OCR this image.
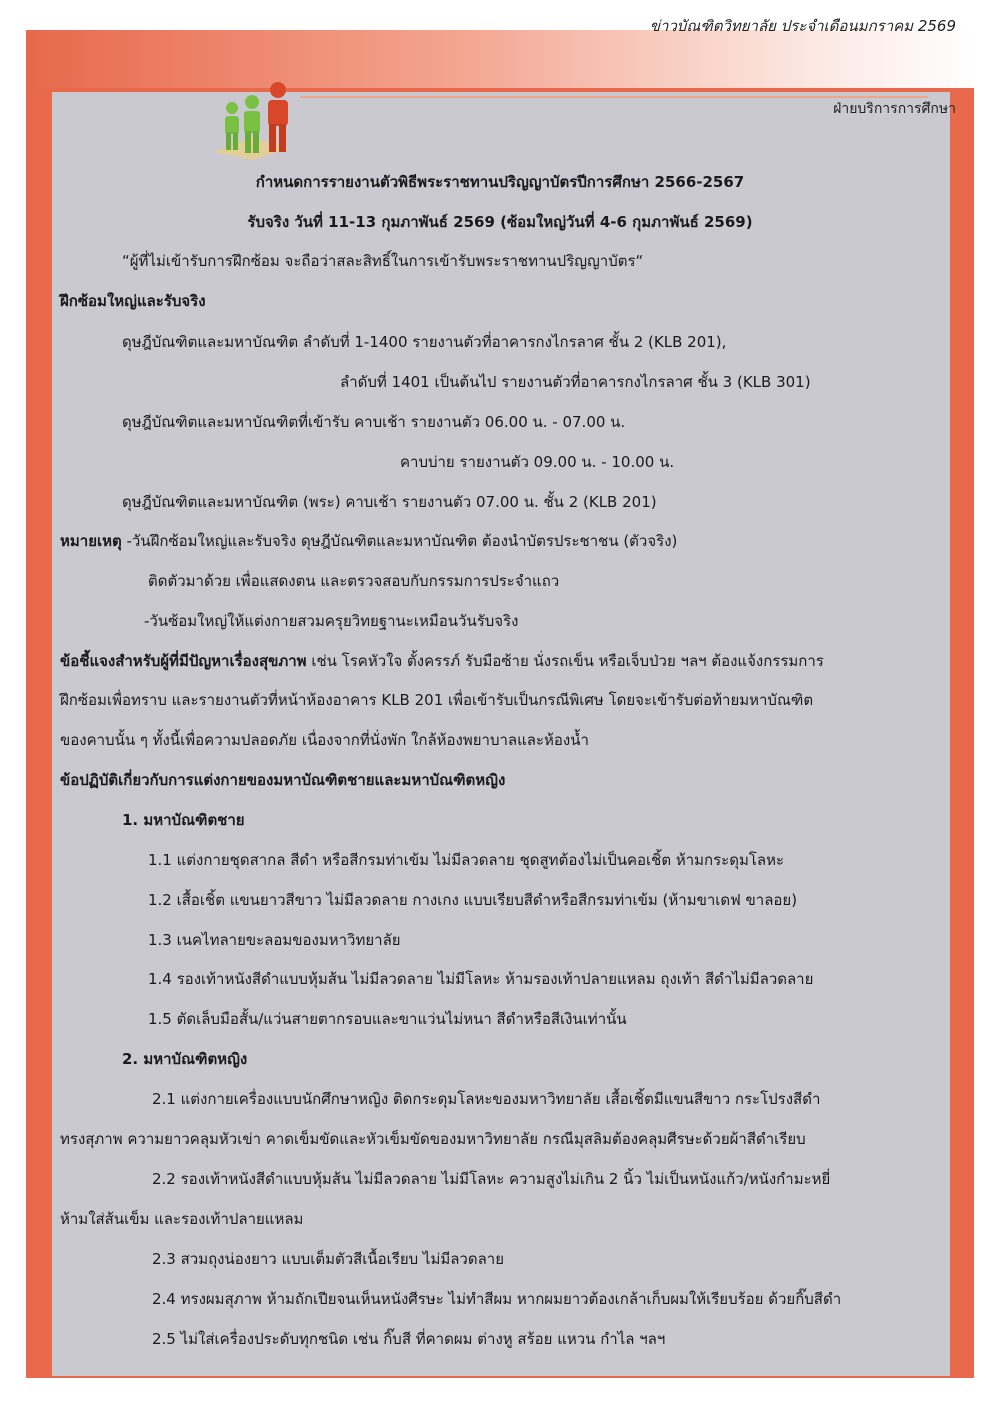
ข่าวบัณฑิตวิทยาลัย ประจำเดือนมกราคม 2569
ฝ่ายบริการการศึกษา
กำหนดการรายงานตัวพิธีพระราชทานปริญญาบัตรปีการศึกษา 2566-2567
รับจริง วันที่ 11-13 กุมภาพันธ์ 2569 (ซ้อมใหญ่วันที่ 4-6 กุมภาพันธ์ 2569)
“ผู้ที่ไม่เข้ารับการฝึกซ้อม จะถือว่าสละสิทธิ์ในการเข้ารับพระราชทานปริญญาบัตร“
ฝึกซ้อมใหญ่และรับจริง
ดุษฎีบัณฑิตและมหาบัณฑิต ลำดับที่ 1-1400 รายงานตัวที่อาคารกงไกรลาศ ชั้น 2 (KLB 201),
ลำดับที่ 1401 เป็นต้นไป รายงานตัวที่อาคารกงไกรลาศ ชั้น 3 (KLB 301)
ดุษฎีบัณฑิตและมหาบัณฑิตที่เข้ารับ คาบเช้า รายงานตัว 06.00 น. - 07.00 น.
คาบบ่าย รายงานตัว 09.00 น. - 10.00 น.
ดุษฎีบัณฑิตและมหาบัณฑิต (พระ) คาบเช้า รายงานตัว 07.00 น. ชั้น 2 (KLB 201)
หมายเหตุ -วันฝึกซ้อมใหญ่และรับจริง ดุษฎีบัณฑิตและมหาบัณฑิต ต้องนำบัตรประชาชน (ตัวจริง)
ติดตัวมาด้วย เพื่อแสดงตน และตรวจสอบกับกรรมการประจำแถว
-วันซ้อมใหญ่ให้แต่งกายสวมครุยวิทยฐานะเหมือนวันรับจริง
ข้อชี้แจงสำหรับผู้ที่มีปัญหาเรื่องสุขภาพ เช่น โรคหัวใจ ตั้งครรภ์ รับมือซ้าย นั่งรถเข็น หรือเจ็บป่วย ฯลฯ ต้องแจ้งกรรมการ
ฝึกซ้อมเพื่อทราบ และรายงานตัวที่หน้าห้องอาคาร KLB 201 เพื่อเข้ารับเป็นกรณีพิเศษ โดยจะเข้ารับต่อท้ายมหาบัณฑิต
ของคาบนั้น ๆ ทั้งนี้เพื่อความปลอดภัย เนื่องจากที่นั่งพัก ใกล้ห้องพยาบาลและห้องน้ำ
ข้อปฏิบัติเกี่ยวกับการแต่งกายของมหาบัณฑิตชายและมหาบัณฑิตหญิง
1. มหาบัณฑิตชาย
1.1 แต่งกายชุดสากล สีดำ หรือสีกรมท่าเข้ม ไม่มีลวดลาย ชุดสูทต้องไม่เป็นคอเชิ้ต ห้ามกระดุมโลหะ
1.2 เสื้อเชิ้ต แขนยาวสีขาว ไม่มีลวดลาย กางเกง แบบเรียบสีดำหรือสีกรมท่าเข้ม (ห้ามขาเดฟ ขาลอย)
1.3 เนคไทลายขะลอมของมหาวิทยาลัย
1.4 รองเท้าหนังสีดำแบบหุ้มส้น ไม่มีลวดลาย ไม่มีโลหะ ห้ามรองเท้าปลายแหลม ถุงเท้า สีดำไม่มีลวดลาย
1.5 ตัดเล็บมือสั้น/แว่นสายตากรอบและขาแว่นไม่หนา สีดำหรือสีเงินเท่านั้น
2. มหาบัณฑิตหญิง
2.1 แต่งกายเครื่องแบบนักศึกษาหญิง ติดกระดุมโลหะของมหาวิทยาลัย เสื้อเชิ้ตมีแขนสีขาว กระโปรงสีดำ
ทรงสุภาพ ความยาวคลุมหัวเข่า คาดเข็มขัดและหัวเข็มขัดของมหาวิทยาลัย กรณีมุสลิมต้องคลุมศีรษะด้วยผ้าสีดำเรียบ
2.2 รองเท้าหนังสีดำแบบหุ้มส้น ไม่มีลวดลาย ไม่มีโลหะ ความสูงไม่เกิน 2 นิ้ว ไม่เป็นหนังแก้ว/หนังกำมะหยี่
ห้ามใส่ส้นเข็ม และรองเท้าปลายแหลม
2.3 สวมถุงน่องยาว แบบเต็มตัวสีเนื้อเรียบ ไม่มีลวดลาย
2.4 ทรงผมสุภาพ ห้ามถักเปียจนเห็นหนังศีรษะ ไม่ทำสีผม หากผมยาวต้องเกล้าเก็บผมให้เรียบร้อย ด้วยกิ๊บสีดำ
2.5 ไม่ใส่เครื่องประดับทุกชนิด เช่น กิ๊บสี ที่คาดผม ต่างหู สร้อย แหวน กำไล ฯลฯ
